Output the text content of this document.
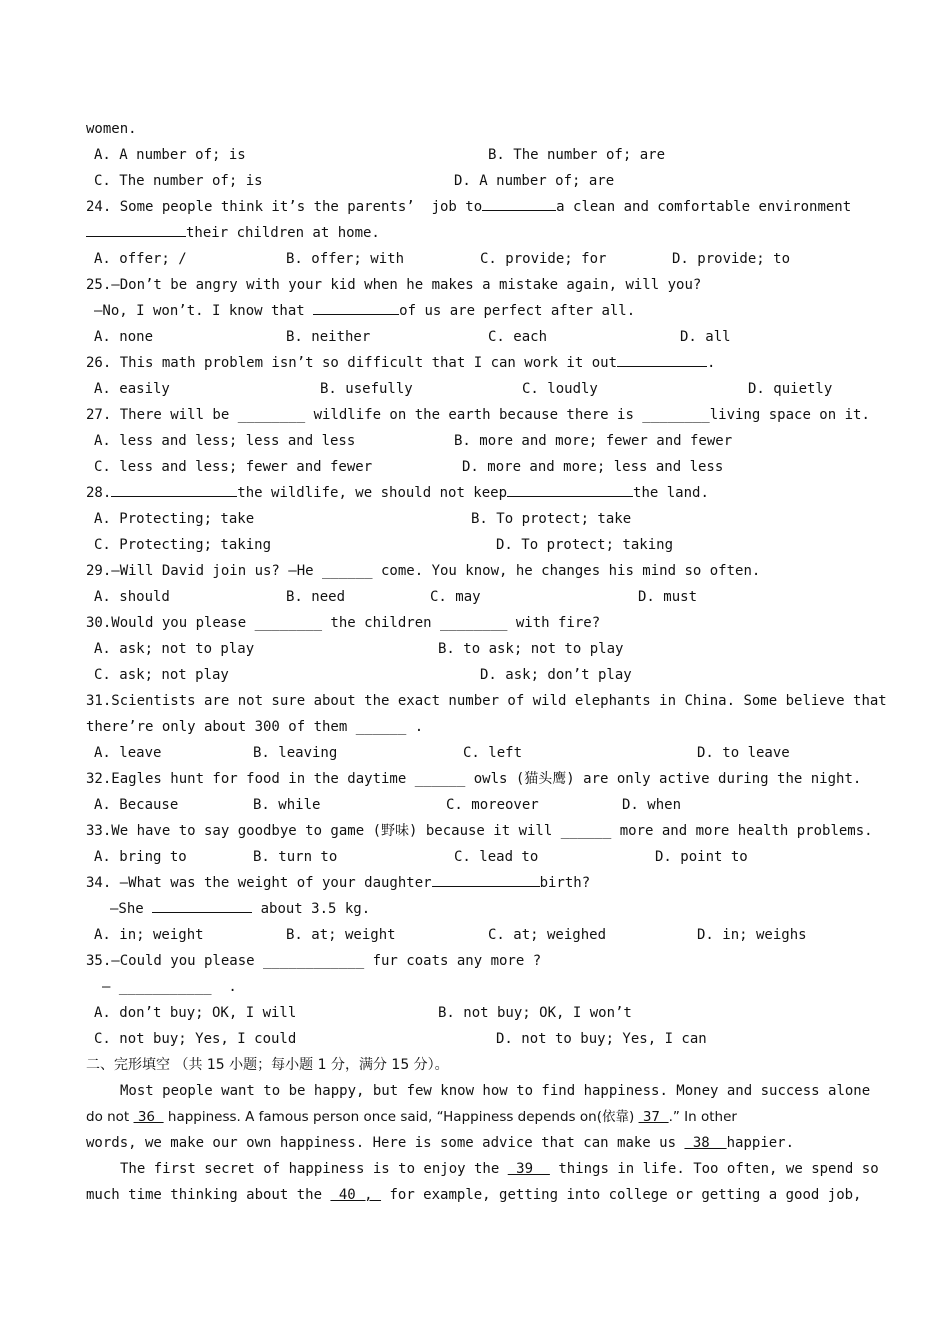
women.
A. A number of; is	B. The number of; are
C. The number of; is	D. A number of; are
24. Some people think it’s the parents’  job to	a clean and comfortable environment
their children at home.
A. offer; /	B. offer; with	C. provide; for	D. provide; to
25.—Don’t be angry with your kid when he makes a mistake again, will you?
—No, I won’t. I know that	of us are perfect after all.
A. none	B. neither	C. each	D. all
26. This math problem isn’t so difficult that I can work it out	.
A. easily	B. usefully	C. loudly	D. quietly
27. There will be ________ wildlife on the earth because there is ________living space on it.
A. less and less; less and less	B. more and more; fewer and fewer
C. less and less; fewer and fewer	D. more and more; less and less
28.	the wildlife, we should not keep	the land.
A. Protecting; take	B. To protect; take
C. Protecting; taking	D. To protect; taking
29.—Will David join us? —He ______ come. You know, he changes his mind so often.
A. should	B. need	C. may	D. must
30.Would you please ________ the children ________ with fire?
A. ask; not to play	B. to ask; not to play
C. ask; not play	D. ask; don’t play
31.Scientists are not sure about the exact number of wild elephants in China. Some believe that
there’re only about 300 of them ______ .
A. leave	B. leaving	C. left	D. to leave
32.Eagles hunt for food in the daytime ______ owls (猫头鹰) are only active during the night.
A. Because	B. while	C. moreover	D. when
33.We have to say goodbye to game (野味) because it will ______ more and more health problems.
A. bring to	B. turn to	C. lead to	D. point to
34. —What was the weight of your daughter	birth?
—She	about 3.5 kg.
A. in; weight	B. at; weight	C. at; weighed	D. in; weighs
35.—Could you please ____________ fur coats any more ?
— ___________  .
A. don’t buy; OK, I will	B. not buy; OK, I won’t
C. not buy; Yes, I could	D. not to buy; Yes, I can
二、完形填空 （共 15 小题；每小题 1 分，满分 15 分）。
Most people want to be happy, but few know how to find happiness. Money and success alone
do not  36   happiness. A famous person once said, “Happiness depends on(依靠)  37  .” In other
words, we make our own happiness. Here is some advice that can make us  38  happier.
The first secret of happiness is to enjoy the  39   things in life. Too often, we spend so
much time thinking about the  40 ,  for example, getting into college or getting a good job,
